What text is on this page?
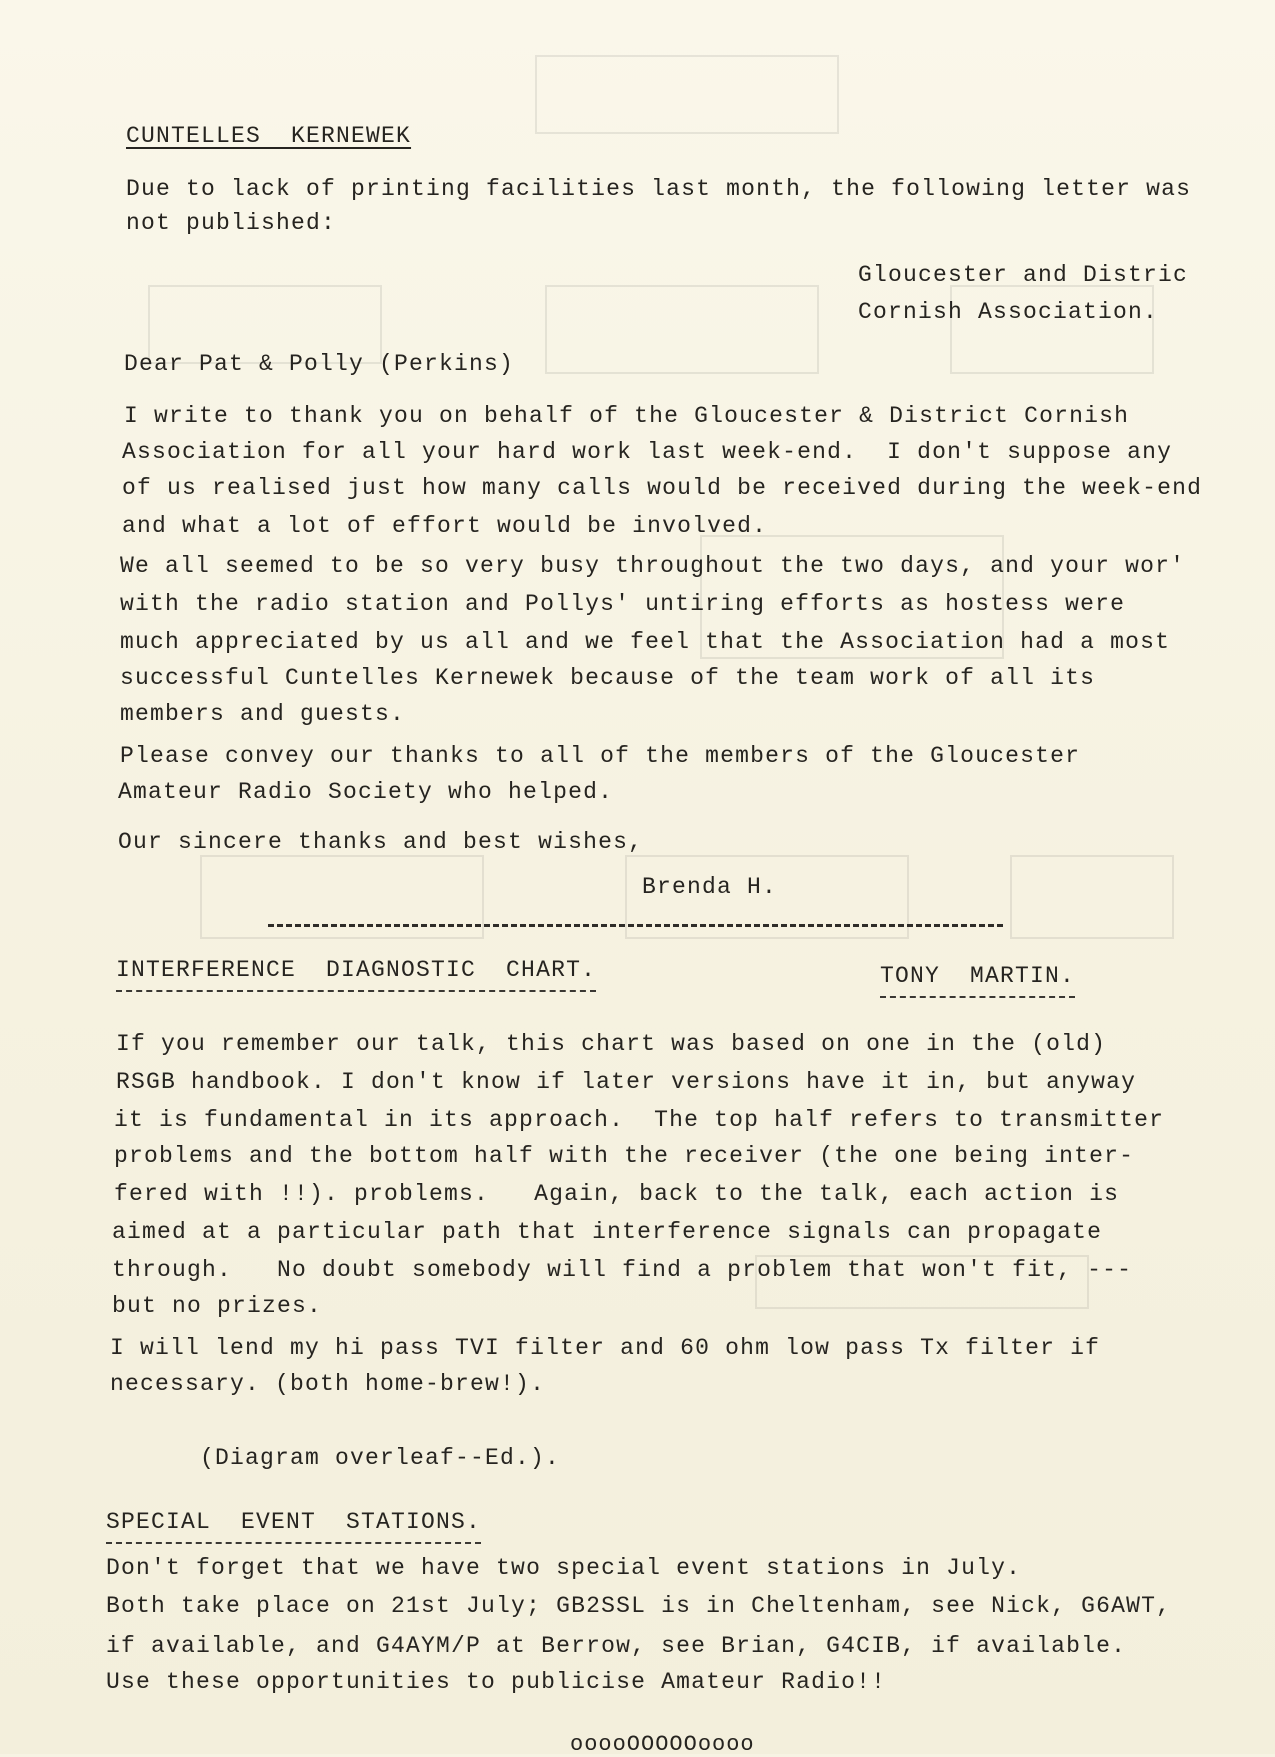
CUNTELLES  KERNEWEK
Due to lack of printing facilities last month, the following letter was
not published:
Gloucester and Distric
Cornish Association.
Dear Pat & Polly (Perkins)
I write to thank you on behalf of the Gloucester & District Cornish
Association for all your hard work last week-end.  I don't suppose any
of us realised just how many calls would be received during the week-end
and what a lot of effort would be involved.
We all seemed to be so very busy throughout the two days, and your wor'
with the radio station and Pollys' untiring efforts as hostess were
much appreciated by us all and we feel that the Association had a most
successful Cuntelles Kernewek because of the team work of all its
members and guests.
Please convey our thanks to all of the members of the Gloucester
Amateur Radio Society who helped.
Our sincere thanks and best wishes,
Brenda H.
INTERFERENCE  DIAGNOSTIC  CHART.	TONY  MARTIN.
If you remember our talk, this chart was based on one in the (old)
RSGB handbook. I don't know if later versions have it in, but anyway
it is fundamental in its approach.  The top half refers to transmitter
problems and the bottom half with the receiver (the one being inter-
fered with !!). problems.   Again, back to the talk, each action is
aimed at a particular path that interference signals can propagate
through.   No doubt somebody will find a problem that won't fit, ---
but no prizes.
I will lend my hi pass TVI filter and 60 ohm low pass Tx filter if
necessary. (both home-brew!).
(Diagram overleaf--Ed.).
SPECIAL  EVENT  STATIONS.
Don't forget that we have two special event stations in July.
Both take place on 21st July; GB2SSL is in Cheltenham, see Nick, G6AWT,
if available, and G4AYM/P at Berrow, see Brian, G4CIB, if available.
Use these opportunities to publicise Amateur Radio!!
ooooOOOOOoooo
